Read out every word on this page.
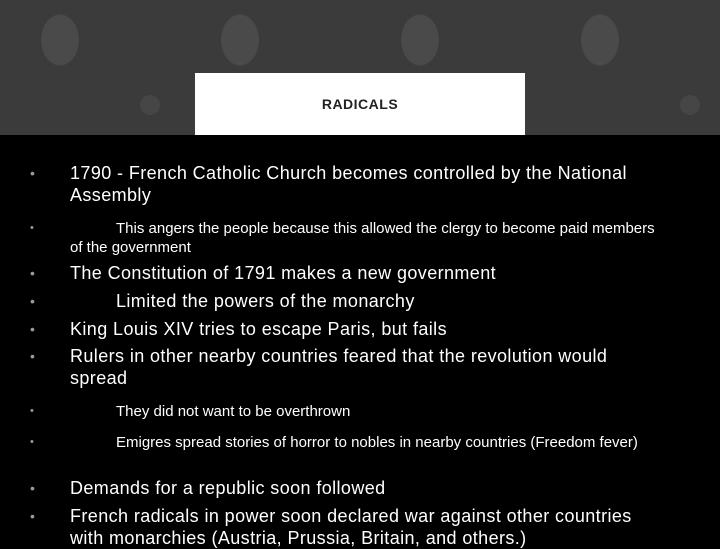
RADICALS
• 1790 - French Catholic Church becomes controlled by the National Assembly
•	This angers the people because this allowed the clergy to become paid members of the government
• The Constitution of 1791 makes a new government
•	Limited the powers of the monarchy
• King Louis XIV tries to escape Paris, but fails
• Rulers in other nearby countries feared that the revolution would spread
•	They did not want to be overthrown
•	Emigres spread stories of horror to nobles in nearby countries (Freedom fever)
• Demands for a republic soon followed
• French radicals in power soon declared war against other countries with monarchies (Austria, Prussia, Britain, and others.)
